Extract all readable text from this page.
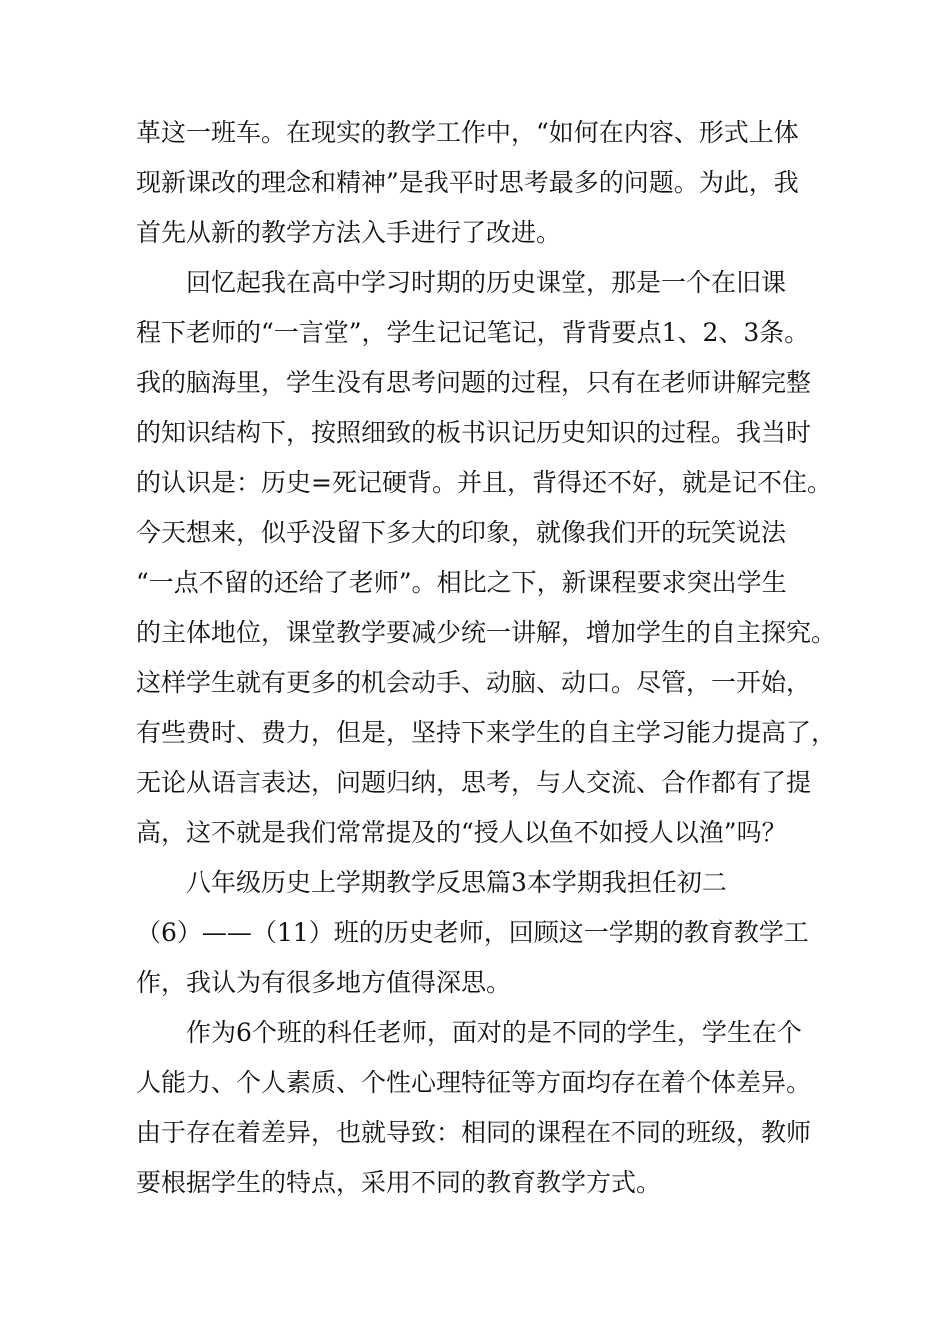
革这一班车。在现实的教学工作中，“如何在内容、形式上体
现新课改的理念和精神”是我平时思考最多的问题。为此，我
首先从新的教学方法入手进行了改进。
回忆起我在高中学习时期的历史课堂，那是一个在旧课
程下老师的“一言堂”，学生记记笔记，背背要点1、2、3条。
我的脑海里，学生没有思考问题的过程，只有在老师讲解完整
的知识结构下，按照细致的板书识记历史知识的过程。我当时
的认识是：历史=死记硬背。并且，背得还不好，就是记不住。
今天想来，似乎没留下多大的印象，就像我们开的玩笑说法
“一点不留的还给了老师”。相比之下，新课程要求突出学生
的主体地位，课堂教学要减少统一讲解，增加学生的自主探究。
这样学生就有更多的机会动手、动脑、动口。尽管，一开始，
有些费时、费力，但是，坚持下来学生的自主学习能力提高了，
无论从语言表达，问题归纳，思考，与人交流、合作都有了提
高，这不就是我们常常提及的“授人以鱼不如授人以渔”吗？
八年级历史上学期教学反思篇3本学期我担任初二
（6）——（11）班的历史老师，回顾这一学期的教育教学工
作，我认为有很多地方值得深思。
作为6个班的科任老师，面对的是不同的学生，学生在个
人能力、个人素质、个性心理特征等方面均存在着个体差异。
由于存在着差异，也就导致：相同的课程在不同的班级，教师
要根据学生的特点，采用不同的教育教学方式。
